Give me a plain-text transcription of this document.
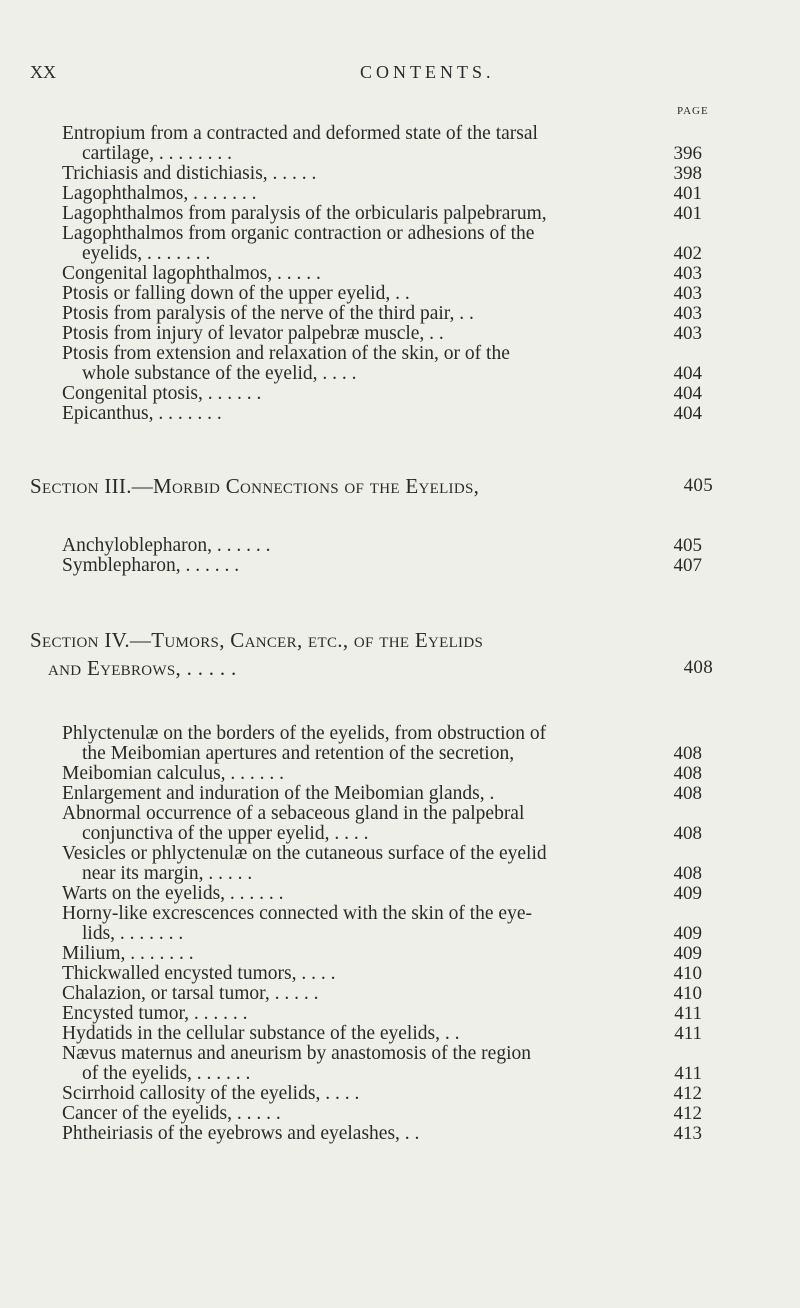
XX	CONTENTS.
PAGE
Entropium from a contracted and deformed state of the tarsal
cartilage, . . . . . . . .	396
Trichiasis and distichiasis, . . . . .	398
Lagophthalmos, . . . . . . .	401
Lagophthalmos from paralysis of the orbicularis palpebrarum,	401
Lagophthalmos from organic contraction or adhesions of the
eyelids, . . . . . . .	402
Congenital lagophthalmos, . . . . .	403
Ptosis or falling down of the upper eyelid, . .	403
Ptosis from paralysis of the nerve of the third pair, . .	403
Ptosis from injury of levator palpebræ muscle, . .	403
Ptosis from extension and relaxation of the skin, or of the
whole substance of the eyelid, . . . .	404
Congenital ptosis, . . . . . .	404
Epicanthus, . . . . . . .	404
Section III.—Morbid Connections of the Eyelids,	405
Anchyloblepharon, . . . . . .	405
Symblepharon, . . . . . .	407
Section IV.—Tumors, Cancer, etc., of the Eyelids
and Eyebrows, . . . . .	408
Phlyctenulæ on the borders of the eyelids, from obstruction of
the Meibomian apertures and retention of the secretion,	408
Meibomian calculus, . . . . . .	408
Enlargement and induration of the Meibomian glands, .	408
Abnormal occurrence of a sebaceous gland in the palpebral
conjunctiva of the upper eyelid, . . . .	408
Vesicles or phlyctenulæ on the cutaneous surface of the eyelid
near its margin, . . . . .	408
Warts on the eyelids, . . . . . .	409
Horny-like excrescences connected with the skin of the eye-
lids, . . . . . . .	409
Milium, . . . . . . .	409
Thickwalled encysted tumors, . . . .	410
Chalazion, or tarsal tumor, . . . . .	410
Encysted tumor, . . . . . .	411
Hydatids in the cellular substance of the eyelids, . .	411
Nævus maternus and aneurism by anastomosis of the region
of the eyelids, . . . . . .	411
Scirrhoid callosity of the eyelids, . . . .	412
Cancer of the eyelids, . . . . .	412
Phtheiriasis of the eyebrows and eyelashes, . .	413
